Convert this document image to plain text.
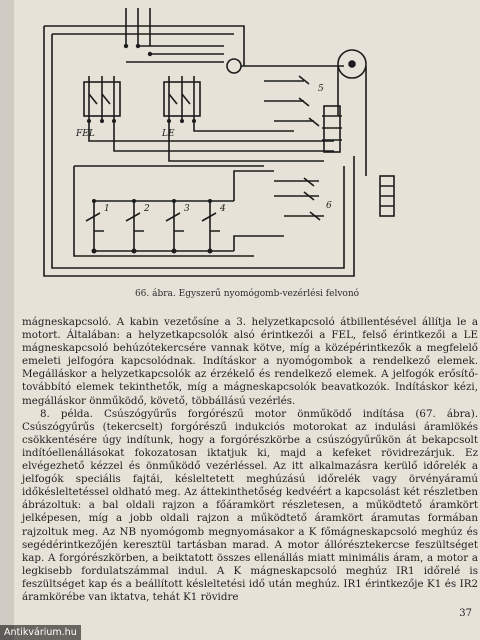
FEL	LE
1	2	3	4
5
6
66. ábra. Egyszerű nyomógomb-vezérlési felvonó

mágneskapcsoló. A kabin vezetősíne a 3. helyzetkapcsoló átbillentésével állítja le a motort. Általában: a helyzetkapcsolók alsó érintkezői a FEL, felső érintkezői a LE mágneskapcsoló behúzótekercsére vannak kötve, míg a középérintkezők a megfelelő emeleti jelfogóra kapcsolódnak. Indításkor a nyomógombok a rendelkező elemek. Megálláskor a helyzetkapcsolók az érzékelő és rendelkező elemek. A jelfogók erősítő-továbbító elemek tekinthetők, míg a mágneskapcsolók beavatkozók. Indításkor kézi, megálláskor önműködő, követő, többállású vezérlés.

8. példa. Csúszógyűrűs forgórészű motor önműködő indítása (67. ábra). Csúszógyűrűs (tekercselt) forgórészű indukciós motorokat az indulási áramlökés csökkentésére úgy indítunk, hogy a forgórészkörbe a csúszógyűrűkön át bekapcsolt indítóellenállásokat fokozatosan iktatjuk ki, majd a kefeket rövidrezárjuk. Ez elvégezhető kézzel és önműködő vezérléssel. Az itt alkalmazásra kerülő időrelék a jelfogók speciális fajtái, késleltetett meghúzású időrelék vagy örvényáramú időkésleltetéssel oldható meg. Az áttekinthetőség kedvéért a kapcsolást két részletben ábrázoltuk: a bal oldali rajzon a főáramkört részletesen, a működtető áramkört jelképesen, míg a jobb oldali rajzon a működtető áramkört áramutas formában rajzoltuk meg. Az NB nyomógomb megnyomásakor a K főmágneskapcsoló meghúz és segédérintkezőjén keresztül tartásban marad. A motor állórésztekercse feszültséget kap. A forgórészkörben, a beiktatott összes ellenállás miatt minimális áram, a motor a legkisebb fordulatszámmal indul. A K mágneskapcsoló meghúz IR1 időrelé is feszültséget kap és a beállított késleltetési idő után meghúz. IR1 érintkezője K1 és IR2 áramkörébe van iktatva, tehát K1 rövidre

37
Antikvárium.hu
